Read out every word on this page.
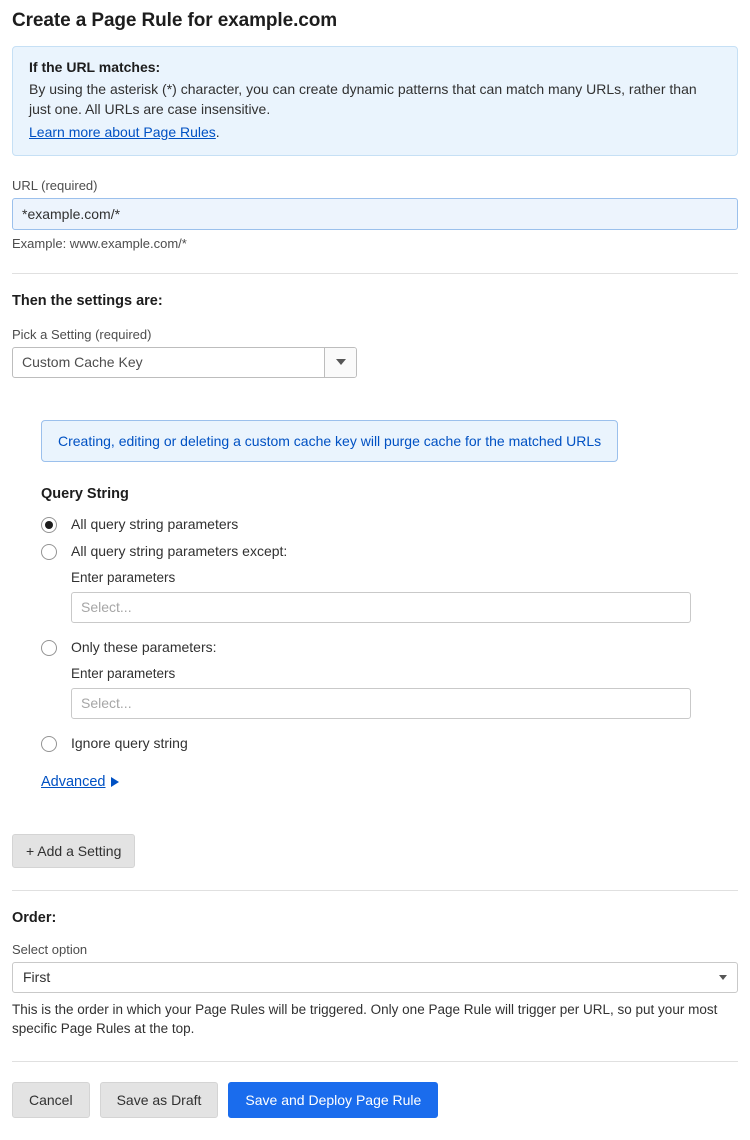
Create a Page Rule for example.com
If the URL matches:

By using the asterisk (*) character, you can create dynamic patterns that can match many URLs, rather than just one. All URLs are case insensitive.

Learn more about Page Rules.

URL (required)
*example.com/*
Example: www.example.com/*
Then the settings are:
Pick a Setting (required)
Custom Cache Key
Creating, editing or deleting a custom cache key will purge cache for the matched URLs
Query String
All query string parameters
All query string parameters except:
Enter parameters
Select...
Only these parameters:
Enter parameters
Select...
Ignore query string
Advanced
+ Add a Setting
Order:
Select option
First
This is the order in which your Page Rules will be triggered. Only one Page Rule will trigger per URL, so put your most specific Page Rules at the top.
Cancel	Save as Draft	Save and Deploy Page Rule
